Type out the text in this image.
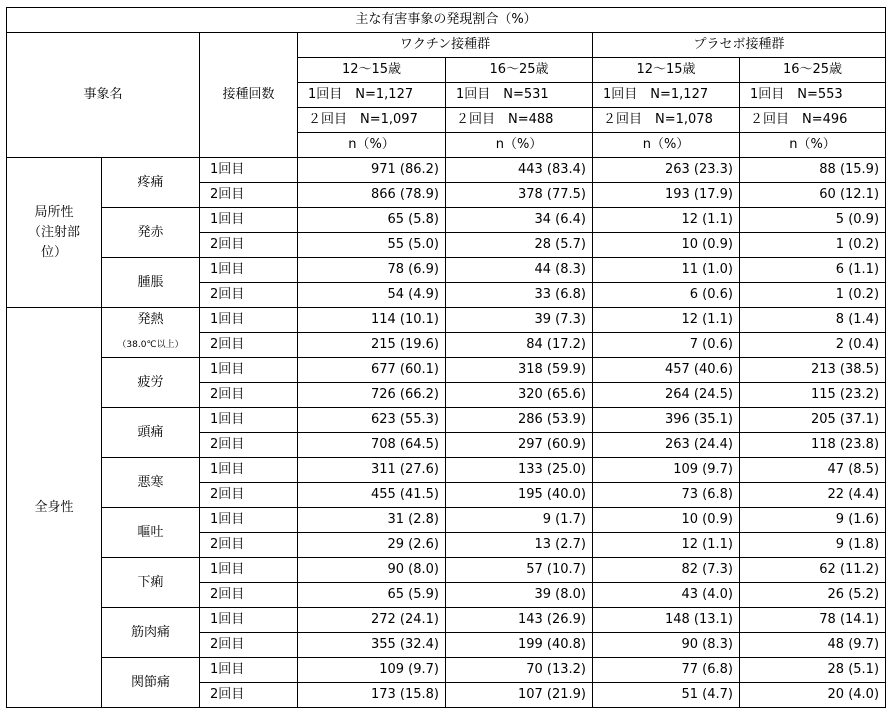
主な有害事象の発現割合（%）						
事象名		接種回数	ワクチン接種群		プラセボ接種群	
			12～15歳	16～25歳	12～15歳	16～25歳
			1回目　N=1,127	1回目　N=531	1回目　N=1,127	1回目　N=553
			２回目　N=1,097	２回目　N=488	２回目　N=1,078	２回目　N=496
			n（%）	n（%）	n（%）	n（%）

局所性
（注射部
位）	疼痛	1回目	971 (86.2)	443 (83.4)	263 (23.3)	88 (15.9)
		2回目	866 (78.9)	378 (77.5)	193 (17.9)	60 (12.1)
	発赤	1回目	65 (5.8)	34 (6.4)	12 (1.1)	5 (0.9)
		2回目	55 (5.0)	28 (5.7)	10 (0.9)	1 (0.2)
	腫脹	1回目	78 (6.9)	44 (8.3)	11 (1.0)	6 (1.1)
		2回目	54 (4.9)	33 (6.8)	6 (0.6)	1 (0.2)

全身性	発熱	1回目	114 (10.1)	39 (7.3)	12 (1.1)	8 (1.4)
	（38.0℃以上）	2回目	215 (19.6)	84 (17.2)	7 (0.6)	2 (0.4)
	疲労	1回目	677 (60.1)	318 (59.9)	457 (40.6)	213 (38.5)
		2回目	726 (66.2)	320 (65.6)	264 (24.5)	115 (23.2)
	頭痛	1回目	623 (55.3)	286 (53.9)	396 (35.1)	205 (37.1)
		2回目	708 (64.5)	297 (60.9)	263 (24.4)	118 (23.8)
	悪寒	1回目	311 (27.6)	133 (25.0)	109 (9.7)	47 (8.5)
		2回目	455 (41.5)	195 (40.0)	73 (6.8)	22 (4.4)
	嘔吐	1回目	31 (2.8)	9 (1.7)	10 (0.9)	9 (1.6)
		2回目	29 (2.6)	13 (2.7)	12 (1.1)	9 (1.8)
	下痢	1回目	90 (8.0)	57 (10.7)	82 (7.3)	62 (11.2)
		2回目	65 (5.9)	39 (8.0)	43 (4.0)	26 (5.2)
	筋肉痛	1回目	272 (24.1)	143 (26.9)	148 (13.1)	78 (14.1)
		2回目	355 (32.4)	199 (40.8)	90 (8.3)	48 (9.7)
	関節痛	1回目	109 (9.7)	70 (13.2)	77 (6.8)	28 (5.1)
		2回目	173 (15.8)	107 (21.9)	51 (4.7)	20 (4.0)
